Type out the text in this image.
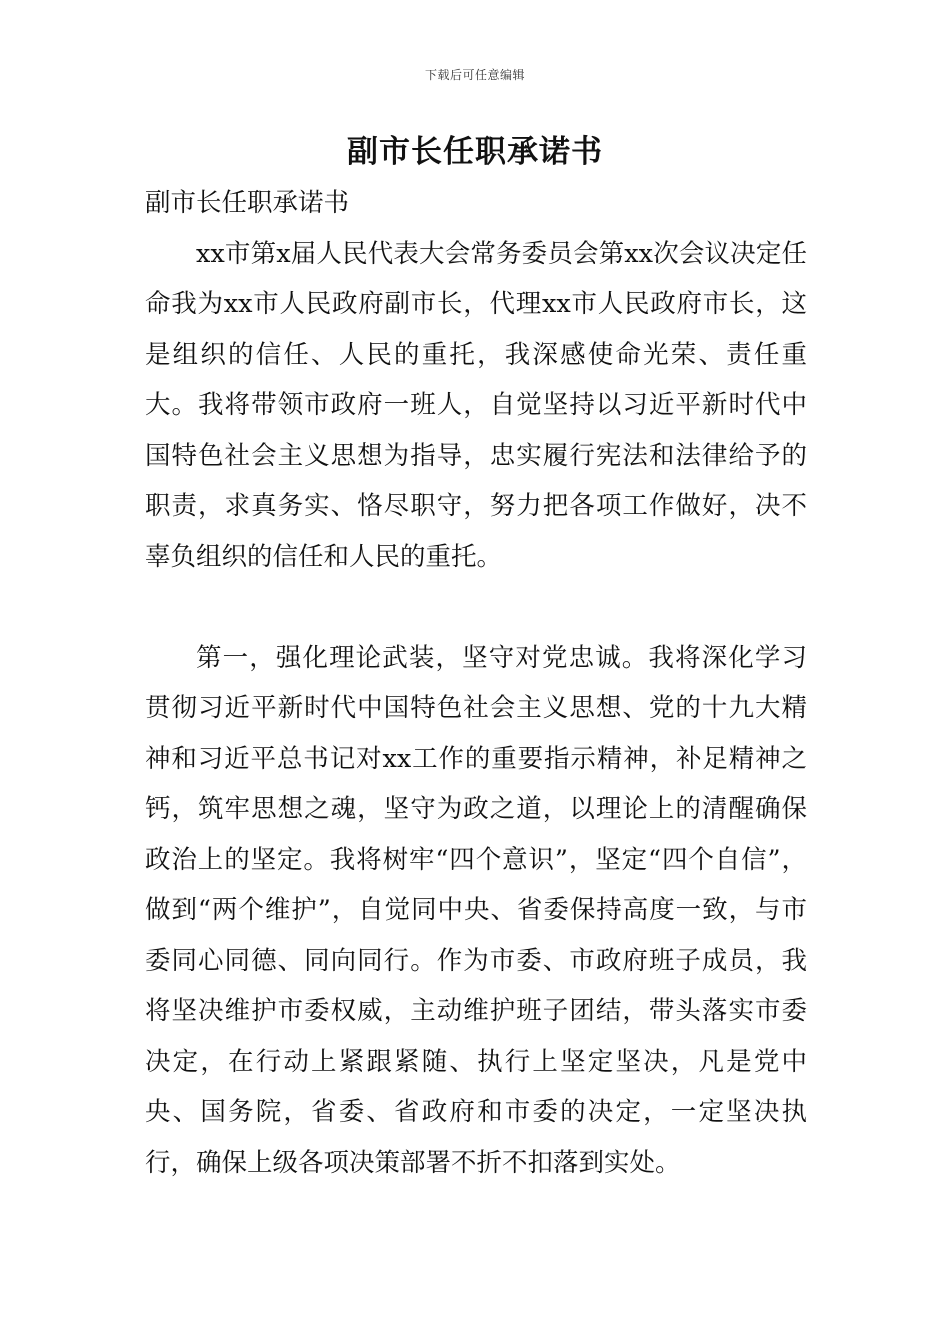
下载后可任意编辑
副市长任职承诺书

副市长任职承诺书

xx市第x届人民代表大会常务委员会第xx次会议决定任命我为xx市人民政府副市长，代理xx市人民政府市长，这是组织的信任、人民的重托，我深感使命光荣、责任重大。我将带领市政府一班人，自觉坚持以习近平新时代中国特色社会主义思想为指导，忠实履行宪法和法律给予的职责，求真务实、恪尽职守，努力把各项工作做好，决不辜负组织的信任和人民的重托。

第一，强化理论武装，坚守对党忠诚。我将深化学习贯彻习近平新时代中国特色社会主义思想、党的十九大精神和习近平总书记对xx工作的重要指示精神，补足精神之钙，筑牢思想之魂，坚守为政之道，以理论上的清醒确保政治上的坚定。我将树牢“四个意识”，坚定“四个自信”，做到“两个维护”，自觉同中央、省委保持高度一致，与市委同心同德、同向同行。作为市委、市政府班子成员，我将坚决维护市委权威，主动维护班子团结，带头落实市委决定，在行动上紧跟紧随、执行上坚定坚决，凡是党中央、国务院，省委、省政府和市委的决定，一定坚决执行，确保上级各项决策部署不折不扣落到实处。
